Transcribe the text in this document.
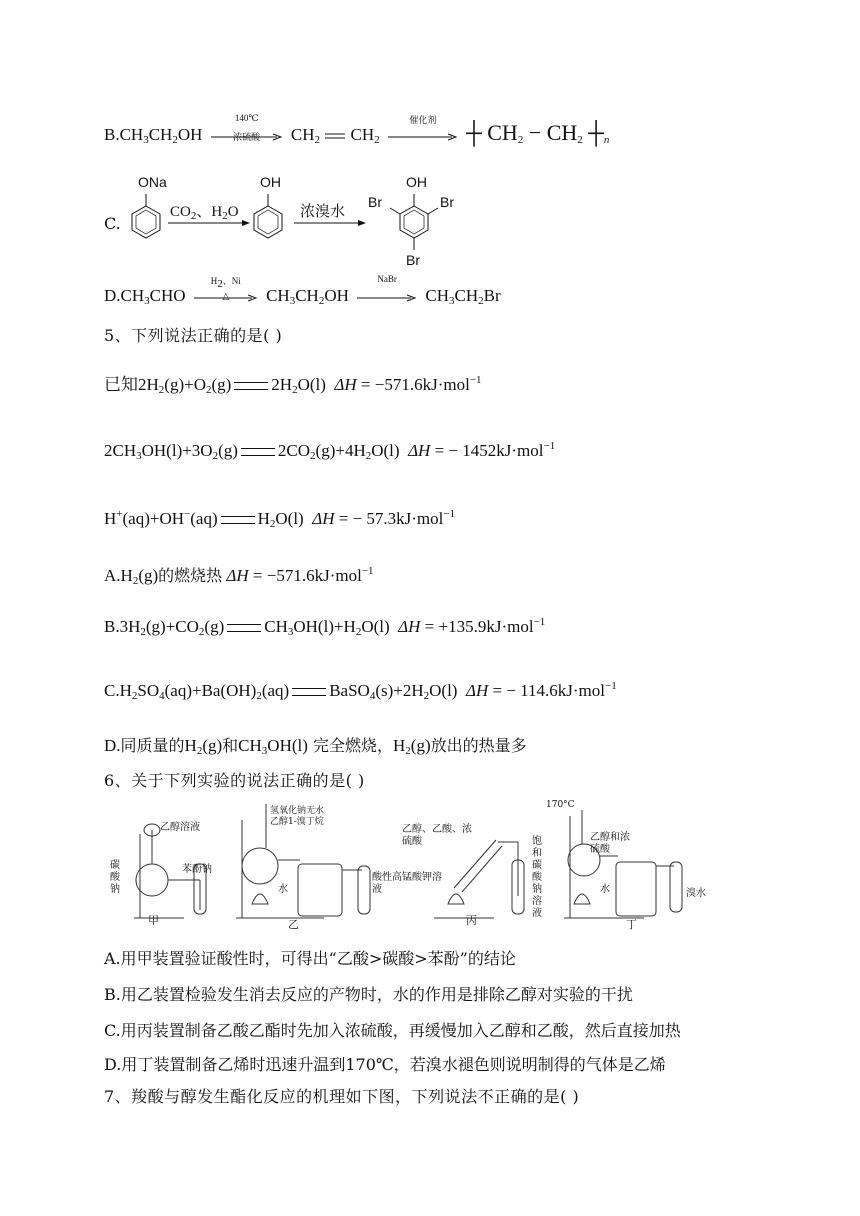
$B.CH_3CH_2OH$
140℃
浓硫酸	$CH_2$ $CH_2$
催化剂	┼ $CH_2 - CH_2$ $┼_n$
C.
ONa
$CO_2$、$H_2O$
OH
浓溴水
OH
Br	Br
Br
$D.CH_3CHO$
$H_2$、Ni
△	$CH_3CH_2OH$
NaBr
$CH_3CH_2Br$
5、下列说法正确的是( )
已知$2H_2(g)+O_2(g)$ $2H_2O(l) \Delta H = -571.6kJ\cdot mol^{-1}$
$2CH_3OH(l)+3O_2(g)$ $2CO_2(g)+4H_2O(l) \Delta H$ = − 1452kJ·mol$^{-1}$
H+(aq)+OH−(aq) $H_2O(l) \Delta H$ = − 57.3kJ·mol$^{-1}$
$A.H_2(g)$的燃烧热 ΔH = −571.6kJ·mol$^{-1}$
$B.3H_2(g)+CO_2(g)$ $CH_3OH(l)+H_2O(l) \Delta H = +135.9kJ\cdot mol^{-1}$
$C.H_2SO_4(aq)+Ba(OH)_2(aq)$ $BaSO_4(s)+2H_2O(l) \Delta H$ = − 114.6kJ·mol$^{-1}$
D.同质量的$H_2(g)$和$CH_3OH(l)$ 完全燃烧，$H_2(g)$放出的热量多
6、关于下列实验的说法正确的是( )
乙醇溶液
碳酸钠
苯酚钠
甲
氢氧化钠无水乙醇1-溴丁烷
水
酸性高锰酸钾溶液
乙
乙醇、乙酸、浓硫酸	饱和碳酸钠溶液
丙
170°C
乙醇和浓硫酸
水	溴水
丁
A.用甲装置验证酸性时，可得出“乙酸>碳酸>苯酚”的结论
B.用乙装置检验发生消去反应的产物时，水的作用是排除乙醇对实验的干扰
C.用丙装置制备乙酸乙酯时先加入浓硫酸，再缓慢加入乙醇和乙酸，然后直接加热
D.用丁装置制备乙烯时迅速升温到170℃，若溴水褪色则说明制得的气体是乙烯
7、羧酸与醇发生酯化反应的机理如下图，下列说法不正确的是( )
